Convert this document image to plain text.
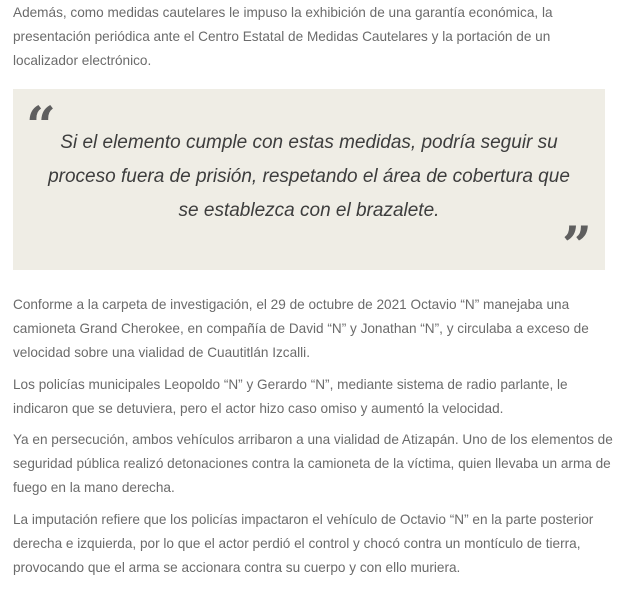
Además, como medidas cautelares le impuso la exhibición de una garantía económica, la presentación periódica ante el Centro Estatal de Medidas Cautelares y la portación de un localizador electrónico.

“ Si el elemento cumple con estas medidas, podría seguir su proceso fuera de prisión, respetando el área de cobertura que se establezca con el brazalete.

”

Conforme a la carpeta de investigación, el 29 de octubre de 2021 Octavio “N” manejaba una camioneta Grand Cherokee, en compañía de David “N” y Jonathan “N”, y circulaba a exceso de velocidad sobre una vialidad de Cuautitlán Izcalli.

Los policías municipales Leopoldo “N” y Gerardo “N”, mediante sistema de radio parlante, le indicaron que se detuviera, pero el actor hizo caso omiso y aumentó la velocidad.

Ya en persecución, ambos vehículos arribaron a una vialidad de Atizapán. Uno de los elementos de seguridad pública realizó detonaciones contra la camioneta de la víctima, quien llevaba un arma de fuego en la mano derecha.

La imputación refiere que los policías impactaron el vehículo de Octavio “N” en la parte posterior derecha e izquierda, por lo que el actor perdió el control y chocó contra un montículo de tierra, provocando que el arma se accionara contra su cuerpo y con ello muriera.
